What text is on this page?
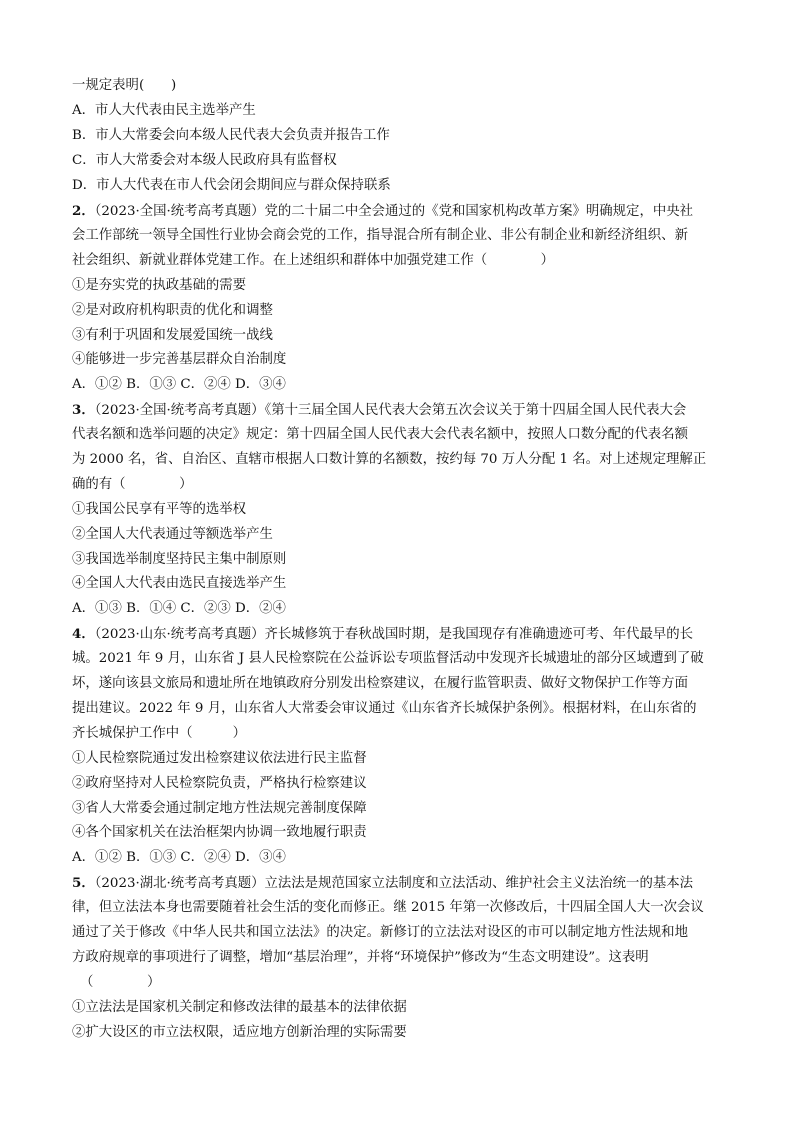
一规定表明(　　)
A．市人大代表由民主选举产生
B．市人大常委会向本级人民代表大会负责并报告工作
C．市人大常委会对本级人民政府具有监督权
D．市人大代表在市人代会闭会期间应与群众保持联系
2．（2023·全国·统考高考真题）党的二十届二中全会通过的《党和国家机构改革方案》明确规定，中央社
会工作部统一领导全国性行业协会商会党的工作，指导混合所有制企业、非公有制企业和新经济组织、新
社会组织、新就业群体党建工作。在上述组织和群体中加强党建工作（　　　　）
①是夯实党的执政基础的需要
②是对政府机构职责的优化和调整
③有利于巩固和发展爱国统一战线
④能够进一步完善基层群众自治制度
A．①② B．①③ C．②④ D．③④
3．（2023·全国·统考高考真题）《第十三届全国人民代表大会第五次会议关于第十四届全国人民代表大会
代表名额和选举问题的决定》规定：第十四届全国人民代表大会代表名额中，按照人口数分配的代表名额
为 2000 名，省、自治区、直辖市根据人口数计算的名额数，按约每 70 万人分配 1 名。对上述规定理解正
确的有（　　　　）
①我国公民享有平等的选举权
②全国人大代表通过等额选举产生
③我国选举制度坚持民主集中制原则
④全国人大代表由选民直接选举产生
A．①③ B．①④ C．②③ D．②④
4．（2023·山东·统考高考真题）齐长城修筑于春秋战国时期，是我国现存有准确遗迹可考、年代最早的长
城。2021 年 9 月，山东省 J 县人民检察院在公益诉讼专项监督活动中发现齐长城遗址的部分区域遭到了破
坏，遂向该县文旅局和遗址所在地镇政府分别发出检察建议，在履行监管职责、做好文物保护工作等方面
提出建议。2022 年 9 月，山东省人大常委会审议通过《山东省齐长城保护条例》。根据材料，在山东省的
齐长城保护工作中（　　　）
①人民检察院通过发出检察建议依法进行民主监督
②政府坚持对人民检察院负责，严格执行检察建议
③省人大常委会通过制定地方性法规完善制度保障
④各个国家机关在法治框架内协调一致地履行职责
A．①② B．①③ C．②④ D．③④
5．（2023·湖北·统考高考真题）立法法是规范国家立法制度和立法活动、维护社会主义法治统一的基本法
律，但立法法本身也需要随着社会生活的变化而修正。继 2015 年第一次修改后，十四届全国人大一次会议
通过了关于修改《中华人民共和国立法法》的决定。新修订的立法法对设区的市可以制定地方性法规和地
方政府规章的事项进行了调整，增加“基层治理”，并将“环境保护”修改为“生态文明建设”。这表明
（　　　　）
①立法法是国家机关制定和修改法律的最基本的法律依据
②扩大设区的市立法权限，适应地方创新治理的实际需要
